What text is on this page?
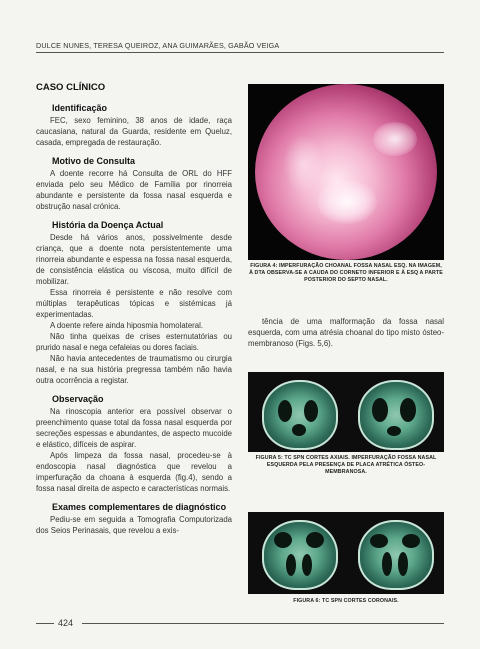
DULCE NUNES, TERESA QUEIROZ, ANA GUIMARÃES, GABÃO VEIGA
CASO CLÍNICO
Identificação

FEC, sexo feminino, 38 anos de idade, raça caucasiana, natural da Guarda, residente em Queluz, casada, empregada de restauração.

Motivo de Consulta

A doente recorre há Consulta de ORL do HFF enviada pelo seu Médico de Família por rinorreia abundante e persistente da fossa nasal esquerda e obstrução nasal crónica.

História da Doença Actual

Desde há vários anos, possivelmente desde criança, que a doente nota persistentemente uma rinorreia abundante e espessa na fossa nasal esquerda, de consistência elástica ou viscosa, muito difícil de mobilizar.

Essa rinorreia é persistente e não resolve com múltiplas terapêuticas tópicas e sistémicas já experimentadas.

A doente refere ainda hiposmia homolateral.

Não tinha queixas de crises esternutatórias ou prurido nasal e nega cefaleias ou dores faciais.

Não havia antecedentes de traumatismo ou cirurgia nasal, e na sua história pregressa também não havia outra ocorrência a registar.

Observação

Na rinoscopia anterior era possível observar o preenchimento quase total da fossa nasal esquerda por secreções espessas e abundantes, de aspecto mucoide e elástico, difíceis de aspirar.

Após limpeza da fossa nasal, procedeu-se à endoscopia nasal diagnóstica que revelou a imperfuração da choana à esquerda (fig.4), sendo a fossa nasal direita de aspecto e características normais.

Exames complementares de diagnóstico

Pediu-se em seguida a Tomografia Computorizada dos Seios Perinasais, que revelou a exis-

FIGURA 4: IMPERFURAÇÃO CHOANAL FOSSA NASAL ESQ. NA IMAGEM, À DTA OBSERVA-SE A CAUDA DO CORNETO INFERIOR E À ESQ A PARTE POSTERIOR DO SEPTO NASAL.

tência de uma malformação da fossa nasal esquerda, com uma atrésia choanal do tipo misto ósteo-membranoso (Figs. 5,6).

FIGURA 5: TC SPN CORTES AXIAIS. IMPERFURAÇÃO FOSSA NASAL ESQUERDA PELA PRESENÇA DE PLACA ATRÉTICA ÓSTEO-MEMBRANOSA.
FIGURA 6: TC SPN CORTES CORONAIS.
424
